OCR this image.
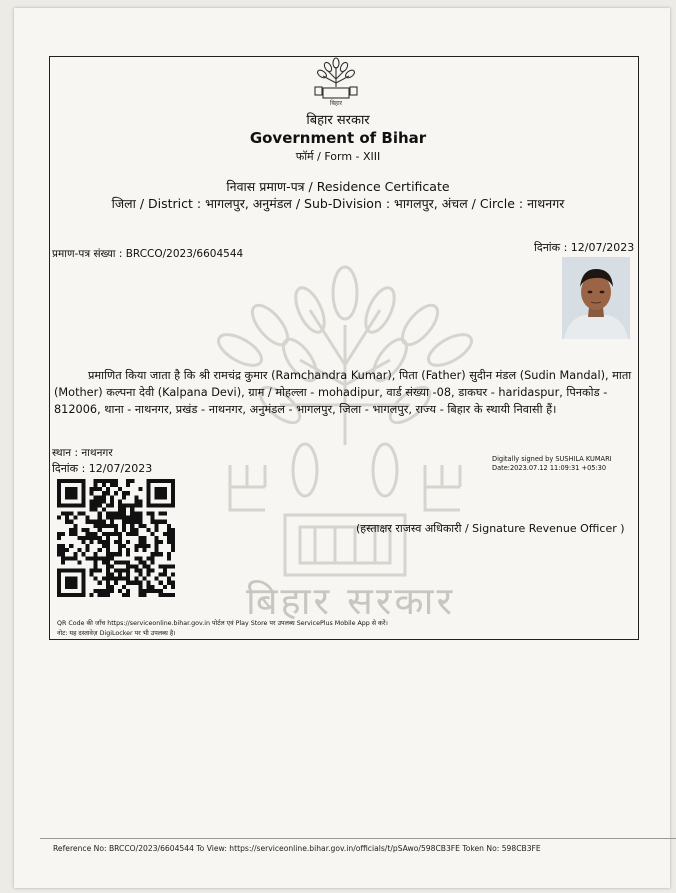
बिहार
बिहार सरकार
Government of Bihar
फॉर्म / Form - XIII
निवास प्रमाण-पत्र / Residence Certificate
जिला / District : भागलपुर, अनुमंडल / Sub-Division : भागलपुर, अंचल / Circle : नाथनगर
प्रमाण-पत्र संख्या : BRCCO/2023/6604544	दिनांक : 12/07/2023
बिहार सरकार

प्रमाणित किया जाता है कि श्री रामचंद्र कुमार (Ramchandra Kumar), पिता (Father) सुदीन मंडल (Sudin Mandal), माता

(Mother) कल्पना देवी (Kalpana Devi), ग्राम / मोहल्ला - mohadipur, वार्ड संख्या -08, डाकघर - haridaspur, पिनकोड -

812006, थाना - नाथनगर, प्रखंड - नाथनगर, अनुमंडल - भागलपुर, जिला - भागलपुर, राज्य - बिहार के स्थायी निवासी हैं।

स्थान : नाथनगर
दिनांक : 12/07/2023
Digitally signed by SUSHILA KUMARI
Date:2023.07.12 11:09:31 +05:30
(हस्ताक्षर राजस्व अधिकारी / Signature Revenue Officer )
QR Code की जाँच https://serviceonline.bihar.gov.in पोर्टल एवं Play Store पर उपलब्ध ServicePlus Mobile App से करें।
नोट: यह दस्तावेज़ DigiLocker पर भी उपलब्ध है।
Reference No: BRCCO/2023/6604544 To View: https://serviceonline.bihar.gov.in/officials/t/pSAwo/598CB3FE Token No: 598CB3FE
